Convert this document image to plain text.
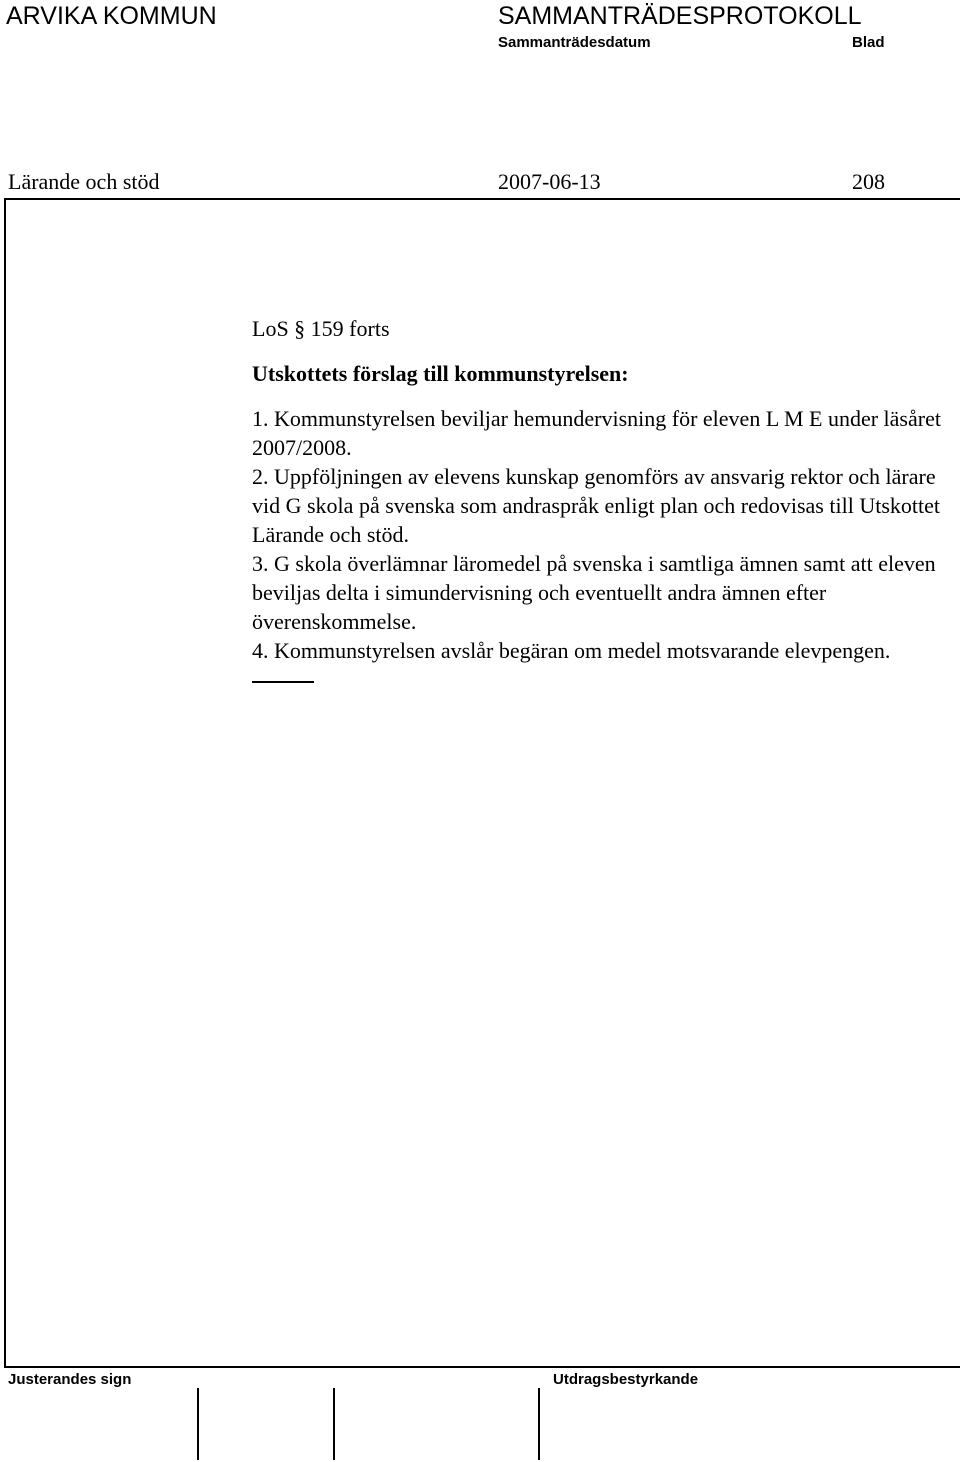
ARVIKA KOMMUN	SAMMANTRÄDESPROTOKOLL
Sammanträdesdatum	Blad
Lärande och stöd	2007-06-13	208

LoS § 159 forts

Utskottets förslag till kommunstyrelsen:

1. Kommunstyrelsen beviljar hemundervisning för eleven L M E under läsåret 2007/2008.
2. Uppföljningen av elevens kunskap genomförs av ansvarig rektor och lärare vid G skola på svenska som andraspråk enligt plan och redovisas till Utskottet Lärande och stöd.
3. G skola överlämnar läromedel på svenska i samtliga ämnen samt att eleven beviljas delta i simundervisning och eventuellt andra ämnen efter överenskommelse.
4. Kommunstyrelsen avslår begäran om medel motsvarande elevpengen.
Justerandes sign	Utdragsbestyrkande
